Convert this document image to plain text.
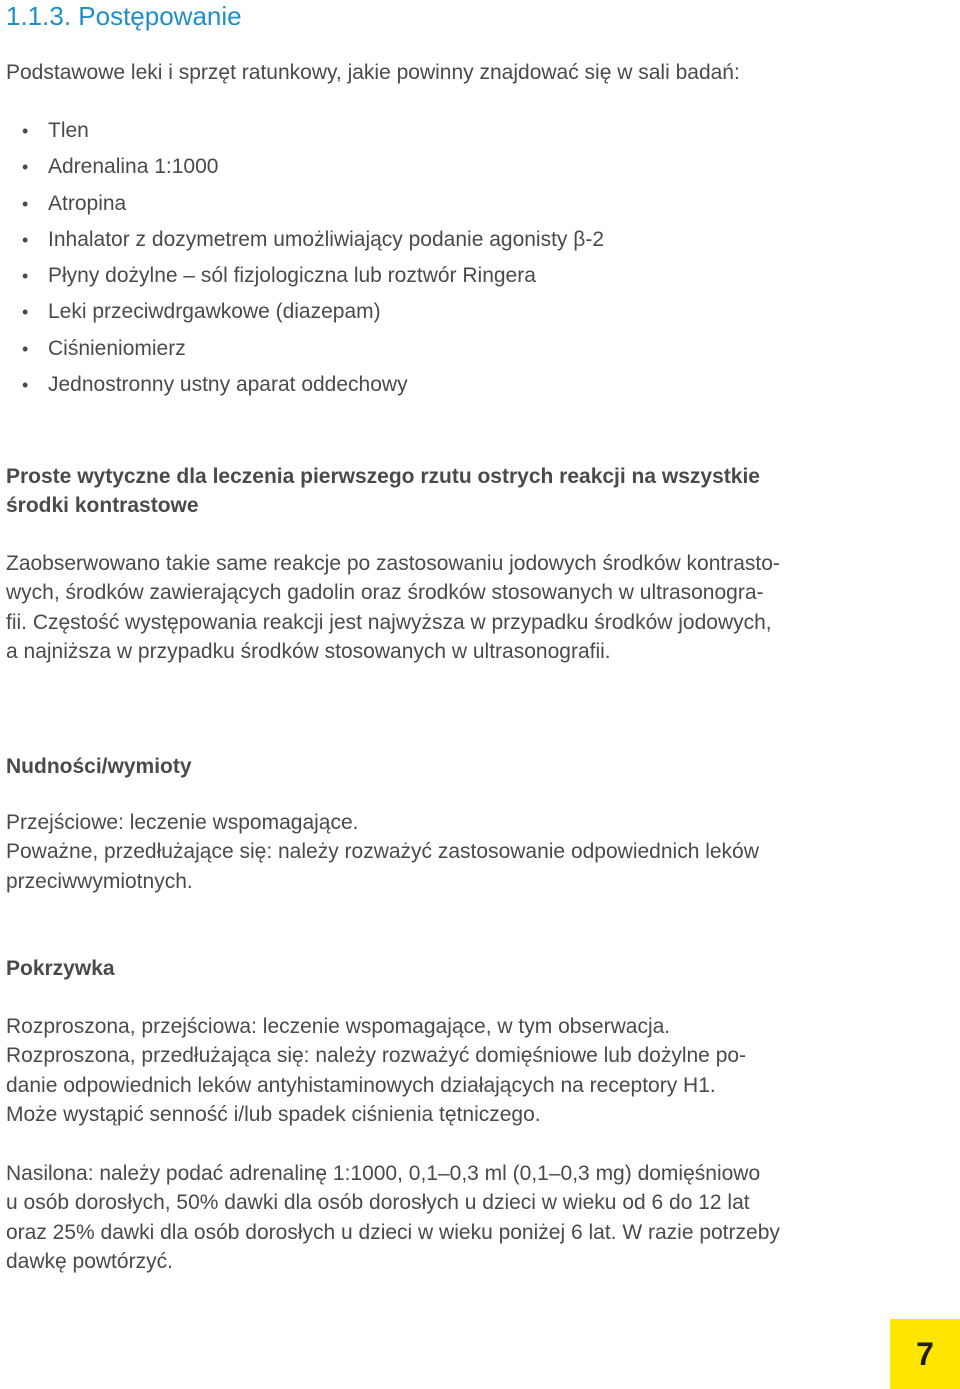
1.1.3. Postępowanie

Podstawowe leki i sprzęt ratunkowy, jakie powinny znajdować się w sali badań:

• Tlen
• Adrenalina 1:1000
• Atropina
• Inhalator z dozymetrem umożliwiający podanie agonisty β-2
• Płyny dożylne – sól fizjologiczna lub roztwór Ringera
• Leki przeciwdrgawkowe (diazepam)
• Ciśnieniomierz
• Jednostronny ustny aparat oddechowy
Proste wytyczne dla leczenia pierwszego rzutu ostrych reakcji na wszystkie
środki kontrastowe

Zaobserwowano takie same reakcje po zastosowaniu jodowych środków kontrasto-
wych, środków zawierających gadolin oraz środków stosowanych w ultrasonogra-
fii. Częstość występowania reakcji jest najwyższa w przypadku środków jodowych,
a najniższa w przypadku środków stosowanych w ultrasonografii.

Nudności/wymioty

Przejściowe: leczenie wspomagające.
Poważne, przedłużające się: należy rozważyć zastosowanie odpowiednich leków
przeciwwymiotnych.

Pokrzywka

Rozproszona, przejściowa: leczenie wspomagające, w tym obserwacja.
Rozproszona, przedłużająca się: należy rozważyć domięśniowe lub dożylne po-
danie odpowiednich leków antyhistaminowych działających na receptory H1.
Może wystąpić senność i/lub spadek ciśnienia tętniczego.

Nasilona: należy podać adrenalinę 1:1000, 0,1–0,3 ml (0,1–0,3 mg) domięśniowo
u osób dorosłych, 50% dawki dla osób dorosłych u dzieci w wieku od 6 do 12 lat
oraz 25% dawki dla osób dorosłych u dzieci w wieku poniżej 6 lat. W razie potrzeby
dawkę powtórzyć.

7
